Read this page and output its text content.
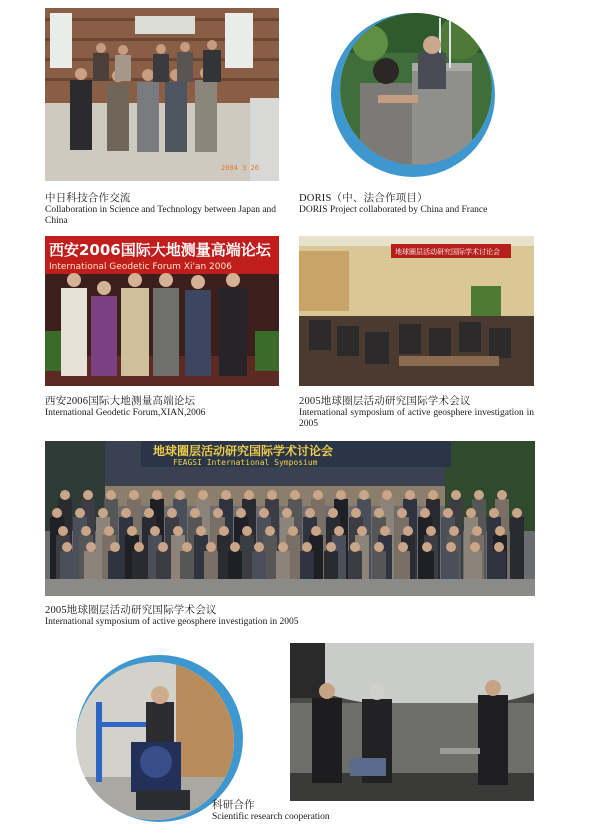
2004 3 26
中日科技合作交流
Collaboration in Science and Technology between Japan and China
DORIS（中、法合作项目）
DORIS Project collaborated by China and France
西安2006国际大地测量高端论坛
International Geodetic Forum Xi'an 2006
西安2006国际大地测量高端论坛
International Geodetic Forum,XIAN,2006
地球圈层活动研究国际学术讨论会
2005地球圈层活动研究国际学术会议
International symposium of active geosphere investigation in 2005
地球圈层活动研究国际学术讨论会
FEAGSI International Symposium
2005地球圈层活动研究国际学术会议
International symposium of active geosphere investigation in 2005
科研合作
Scientific research cooperation
